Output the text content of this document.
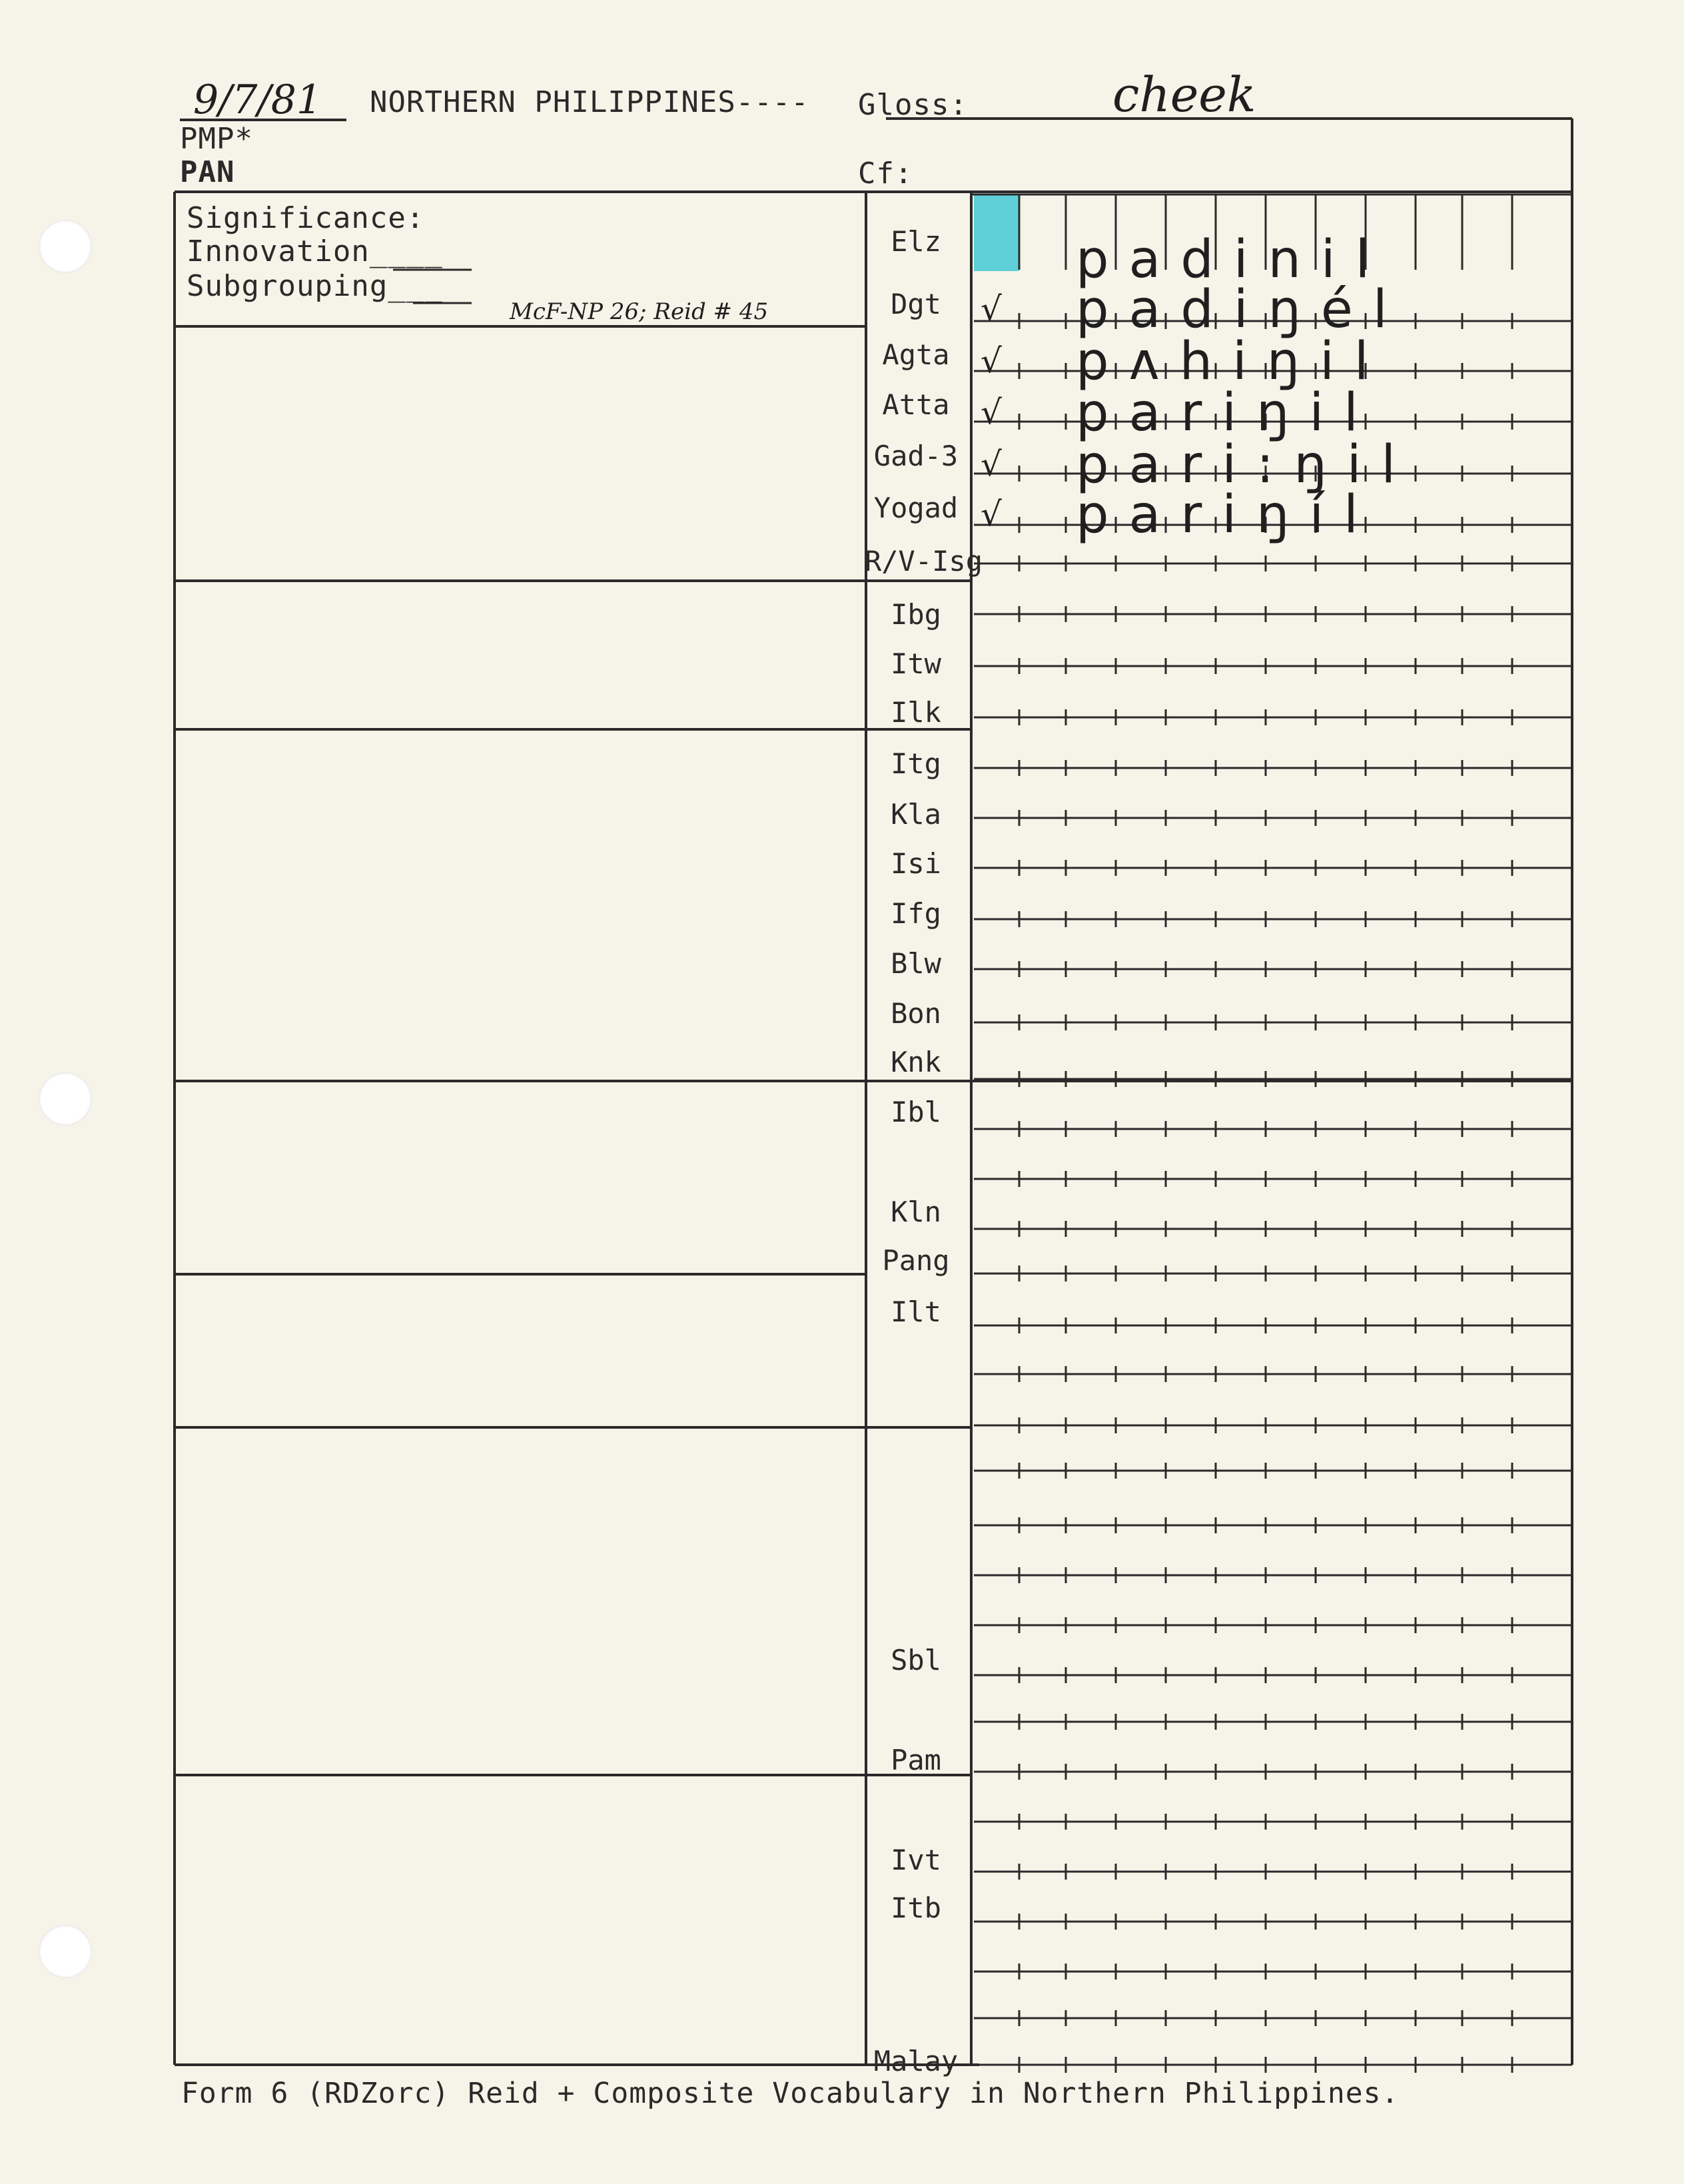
9/7/81 NORTHERN PHILIPPINES---- Gloss:	cheek
PMP*
PAN	Cf:
Significance:
Innovation____
Subgrouping___
McF-NP 26; Reid # 45
Elz
Dgt
Agta
Atta
Gad-3
Yogad
R/V-Isg
Ibg
Itw
Ilk
Itg
Kla
Isi
Ifg
Blw
Bon
Knk
Ibl
Kln
Pang
Ilt
Sbl
Pam
Ivt
Itb
Malay
padinil
√ padiŋél
√ pʌhiŋil
√ pariŋil
√ pari:ŋil
√ pariŋíl
Form 6 (RDZorc) Reid + Composite Vocabulary in Northern Philippines.
